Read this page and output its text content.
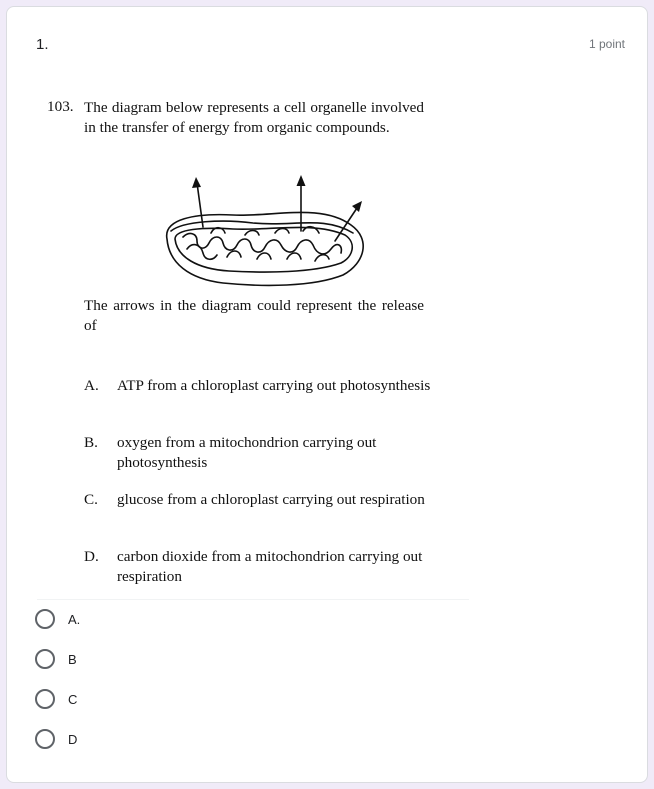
1.	1 point
103. The diagram below represents a cell organelle involved in the transfer of energy from organic compounds.
The arrows in the diagram could represent the release of
A. ATP from a chloroplast carrying out photosynthesis
B. oxygen from a mitochondrion carrying out photosynthesis
C. glucose from a chloroplast carrying out respiration
D. carbon dioxide from a mitochondrion carrying out respiration
A.
B
C
D
